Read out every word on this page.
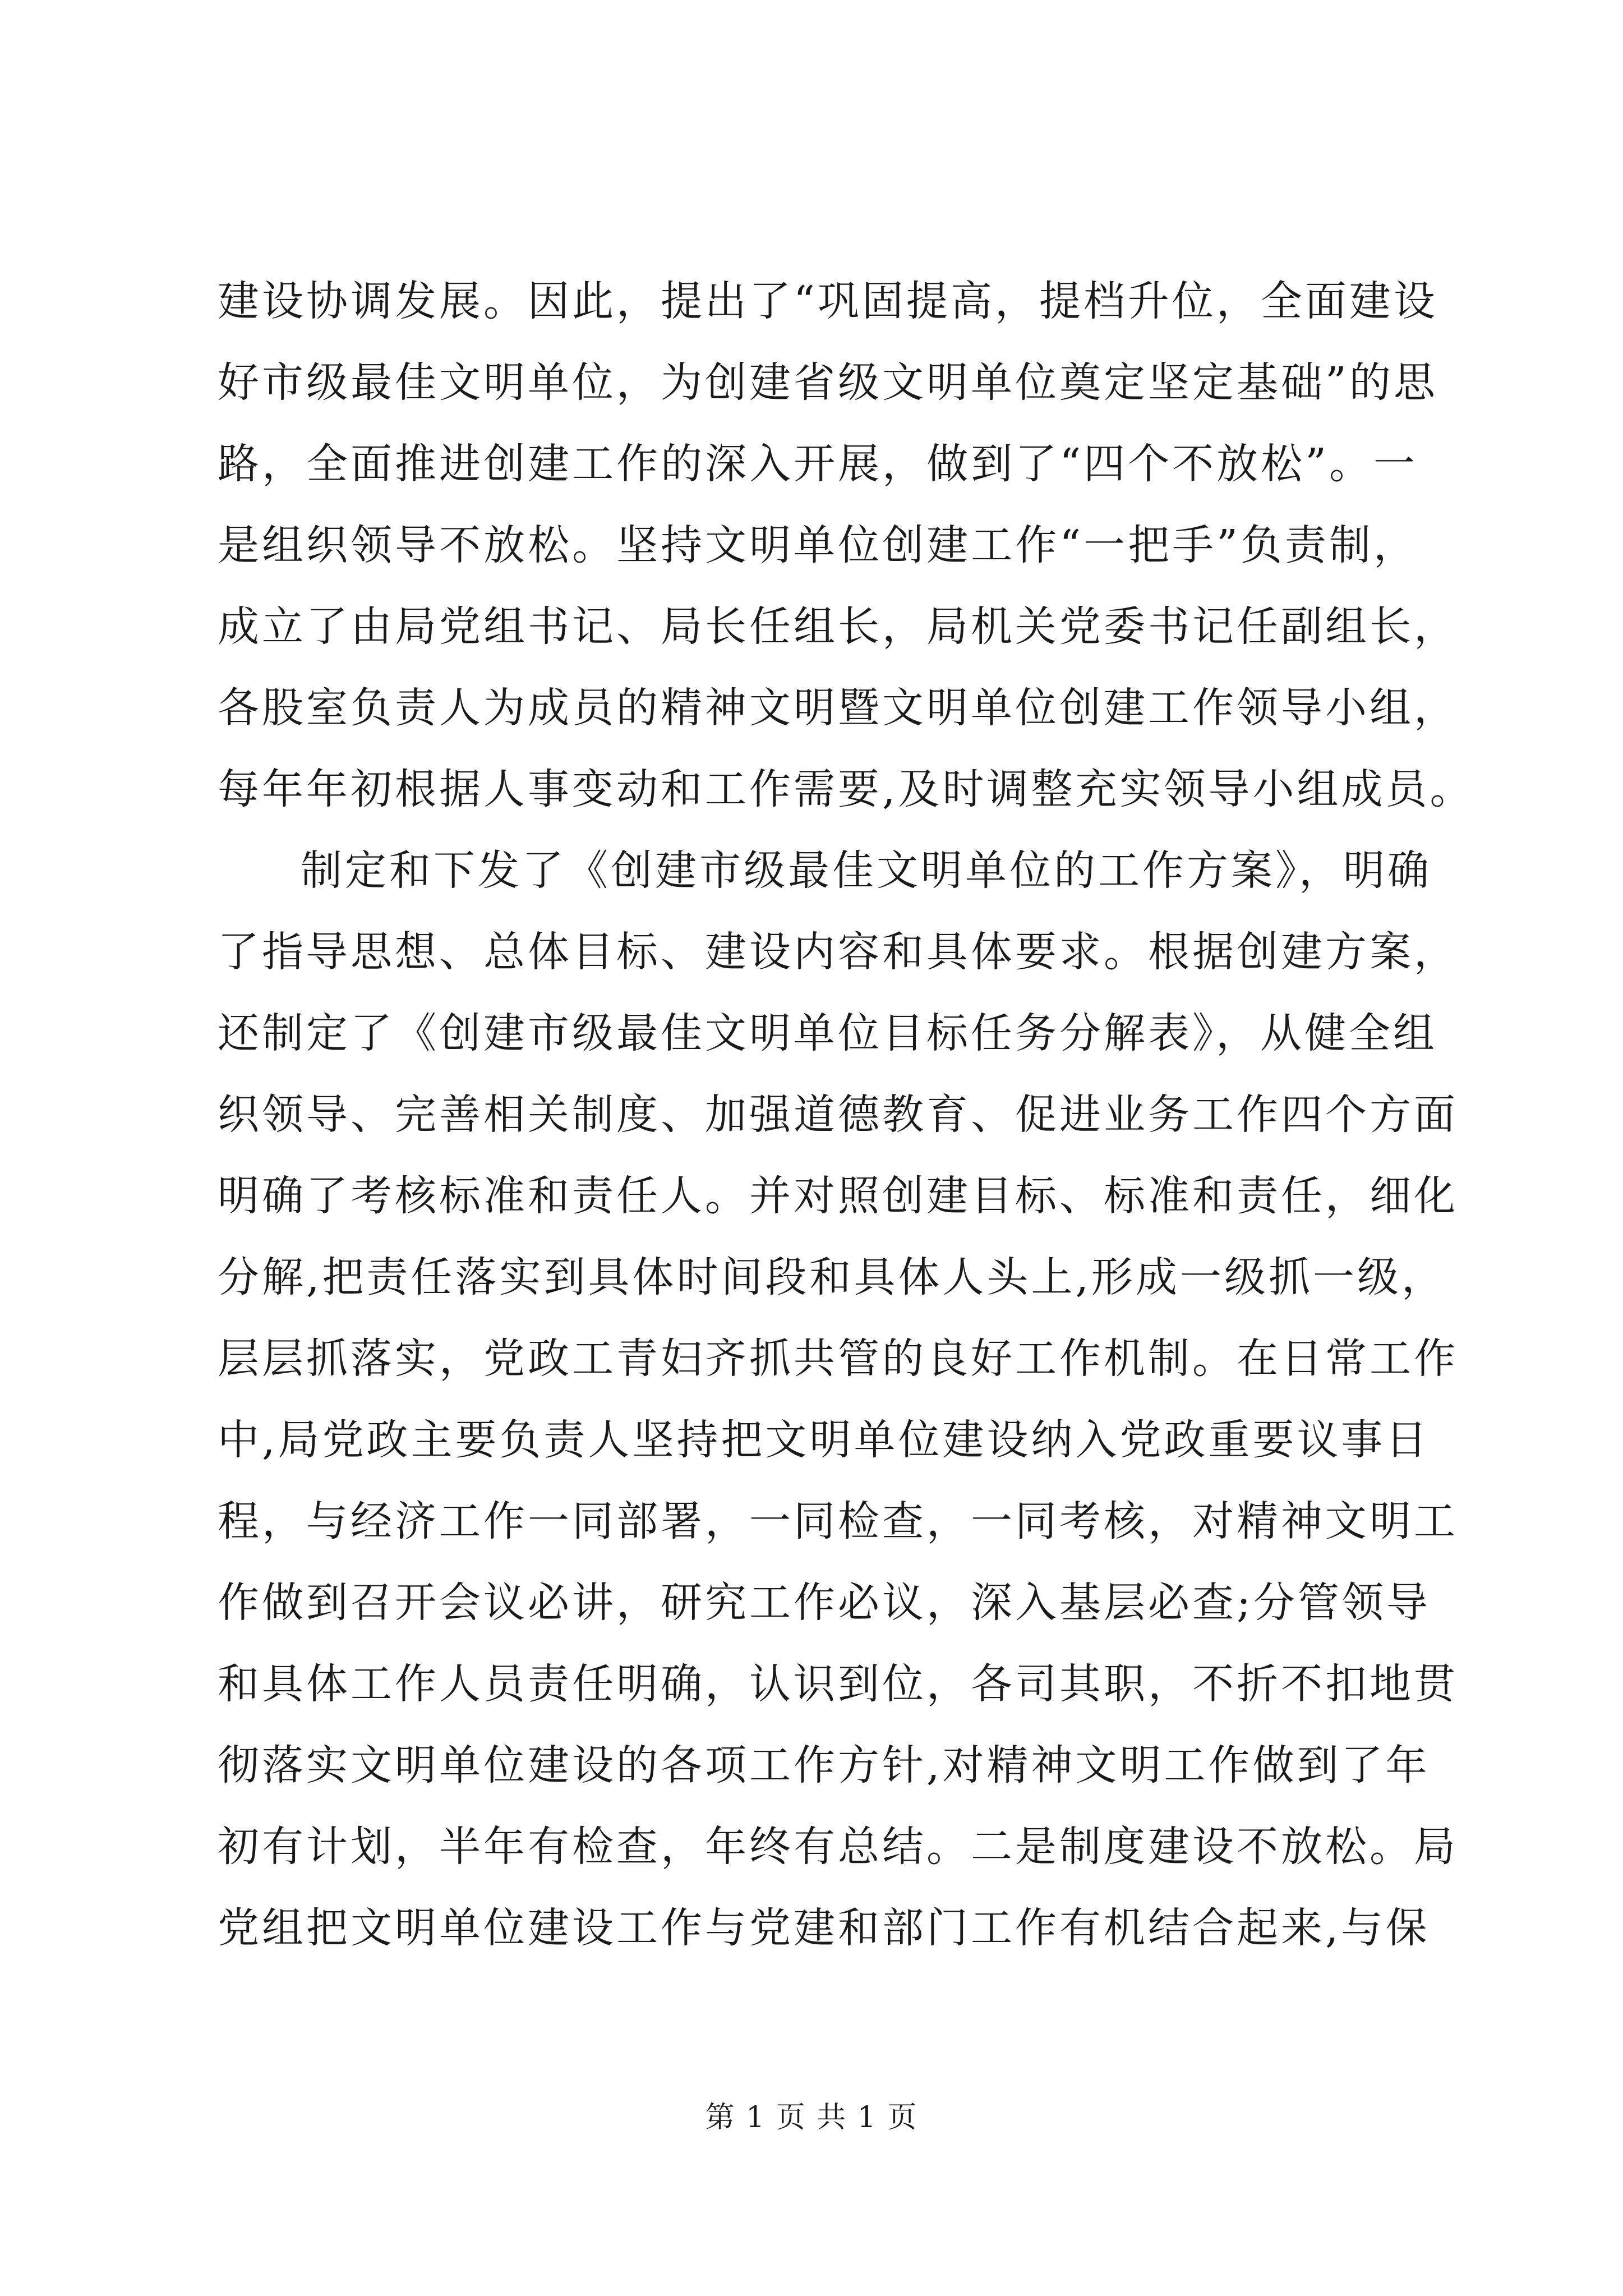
建设协调发展。因此，提出了“巩固提高，提档升位，全面建设
好市级最佳文明单位，为创建省级文明单位奠定坚定基础”的思
路，全面推进创建工作的深入开展，做到了“四个不放松”。一
是组织领导不放松。坚持文明单位创建工作“一把手”负责制，
成立了由局党组书记、局长任组长，局机关党委书记任副组长，
各股室负责人为成员的精神文明暨文明单位创建工作领导小组，
每年年初根据人事变动和工作需要,及时调整充实领导小组成员。
制定和下发了《创建市级最佳文明单位的工作方案》，明确
了指导思想、总体目标、建设内容和具体要求。根据创建方案，
还制定了《创建市级最佳文明单位目标任务分解表》，从健全组
织领导、完善相关制度、加强道德教育、促进业务工作四个方面
明确了考核标准和责任人。并对照创建目标、标准和责任，细化
分解,把责任落实到具体时间段和具体人头上,形成一级抓一级，
层层抓落实，党政工青妇齐抓共管的良好工作机制。在日常工作
中,局党政主要负责人坚持把文明单位建设纳入党政重要议事日
程，与经济工作一同部署，一同检查，一同考核，对精神文明工
作做到召开会议必讲，研究工作必议，深入基层必查;分管领导
和具体工作人员责任明确，认识到位，各司其职，不折不扣地贯
彻落实文明单位建设的各项工作方针,对精神文明工作做到了年
初有计划，半年有检查，年终有总结。二是制度建设不放松。局
党组把文明单位建设工作与党建和部门工作有机结合起来,与保
第 1 页 共 1 页
